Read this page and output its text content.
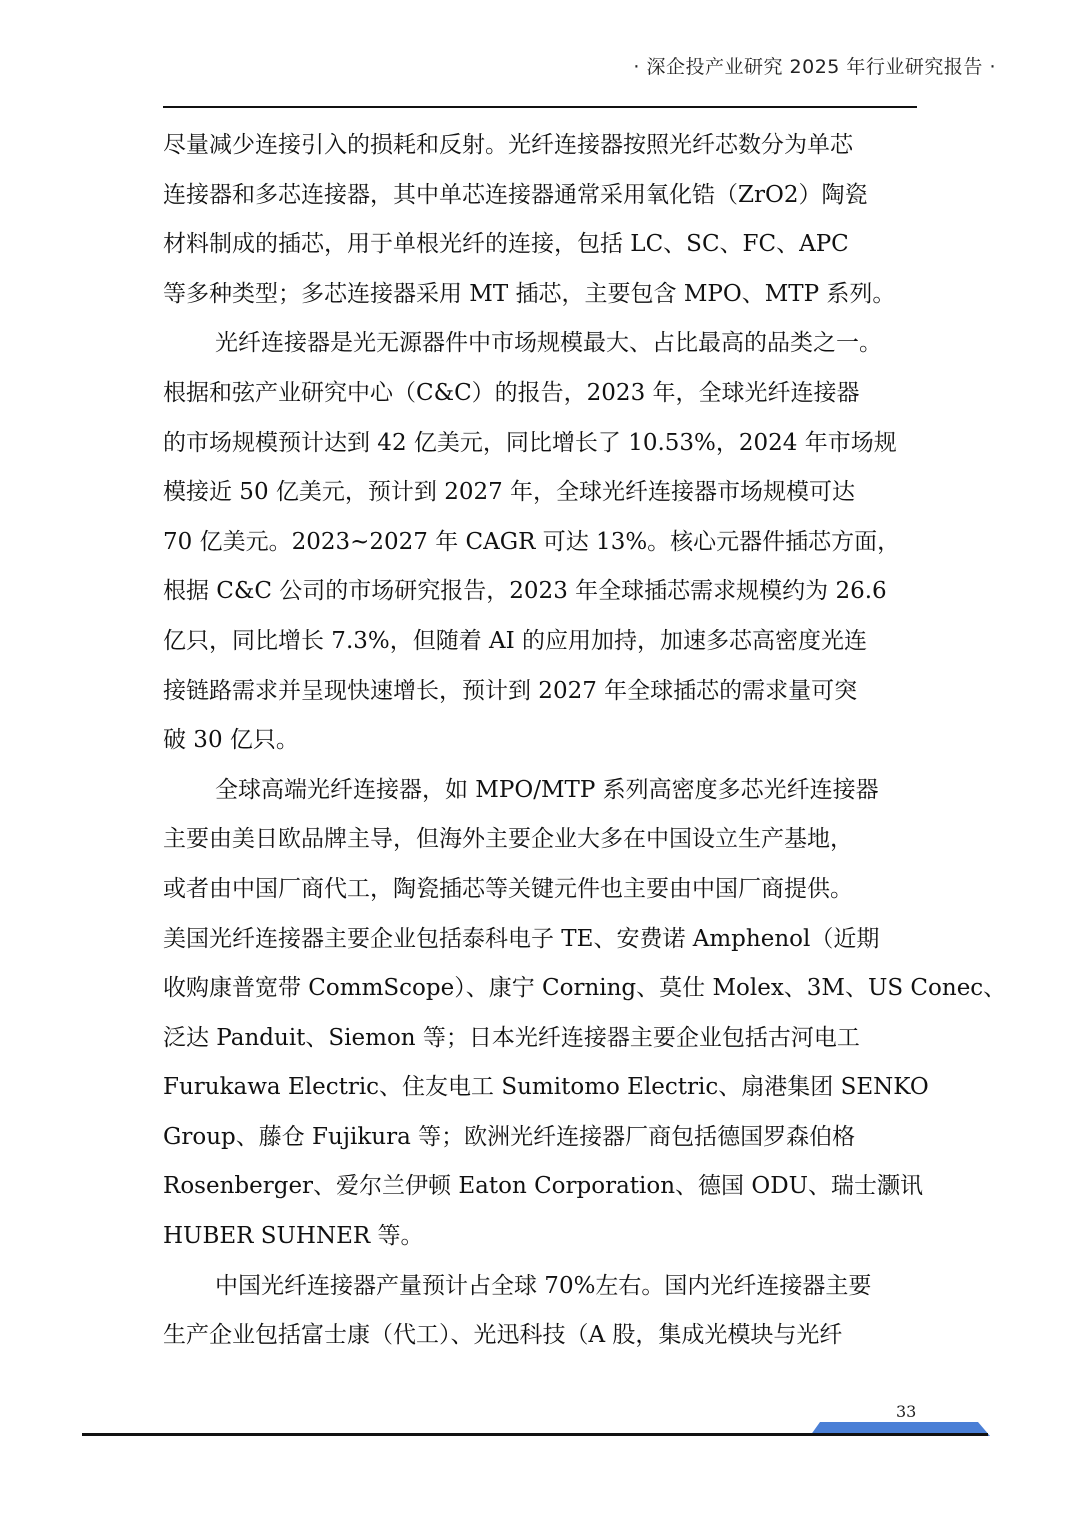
· 深企投产业研究 2025 年行业研究报告 ·

尽量减少连接引入的损耗和反射。光纤连接器按照光纤芯数分为单芯
连接器和多芯连接器，其中单芯连接器通常采用氧化锆（ZrO2）陶瓷
材料制成的插芯，用于单根光纤的连接，包括 LC、SC、FC、APC
等多种类型；多芯连接器采用 MT 插芯，主要包含 MPO、MTP 系列。

光纤连接器是光无源器件中市场规模最大、占比最高的品类之一。
根据和弦产业研究中心（C&C）的报告，2023 年，全球光纤连接器
的市场规模预计达到 42 亿美元，同比增长了 10.53%，2024 年市场规
模接近 50 亿美元，预计到 2027 年，全球光纤连接器市场规模可达
70 亿美元。2023~2027 年 CAGR 可达 13%。核心元器件插芯方面，
根据 C&C 公司的市场研究报告，2023 年全球插芯需求规模约为 26.6
亿只，同比增长 7.3%，但随着 AI 的应用加持，加速多芯高密度光连
接链路需求并呈现快速增长，预计到 2027 年全球插芯的需求量可突
破 30 亿只。

全球高端光纤连接器，如 MPO/MTP 系列高密度多芯光纤连接器
主要由美日欧品牌主导，但海外主要企业大多在中国设立生产基地，
或者由中国厂商代工，陶瓷插芯等关键元件也主要由中国厂商提供。
美国光纤连接器主要企业包括泰科电子 TE、安费诺 Amphenol（近期
收购康普宽带 CommScope）、康宁 Corning、莫仕 Molex、3M、US Conec、
泛达 Panduit、Siemon 等；日本光纤连接器主要企业包括古河电工
Furukawa Electric、住友电工 Sumitomo Electric、扇港集团 SENKO
Group、藤仓 Fujikura 等；欧洲光纤连接器厂商包括德国罗森伯格
Rosenberger、爱尔兰伊顿 Eaton Corporation、德国 ODU、瑞士灏讯
HUBER SUHNER 等。

中国光纤连接器产量预计占全球 70%左右。国内光纤连接器主要
生产企业包括富士康（代工）、光迅科技（A 股，集成光模块与光纤

33
